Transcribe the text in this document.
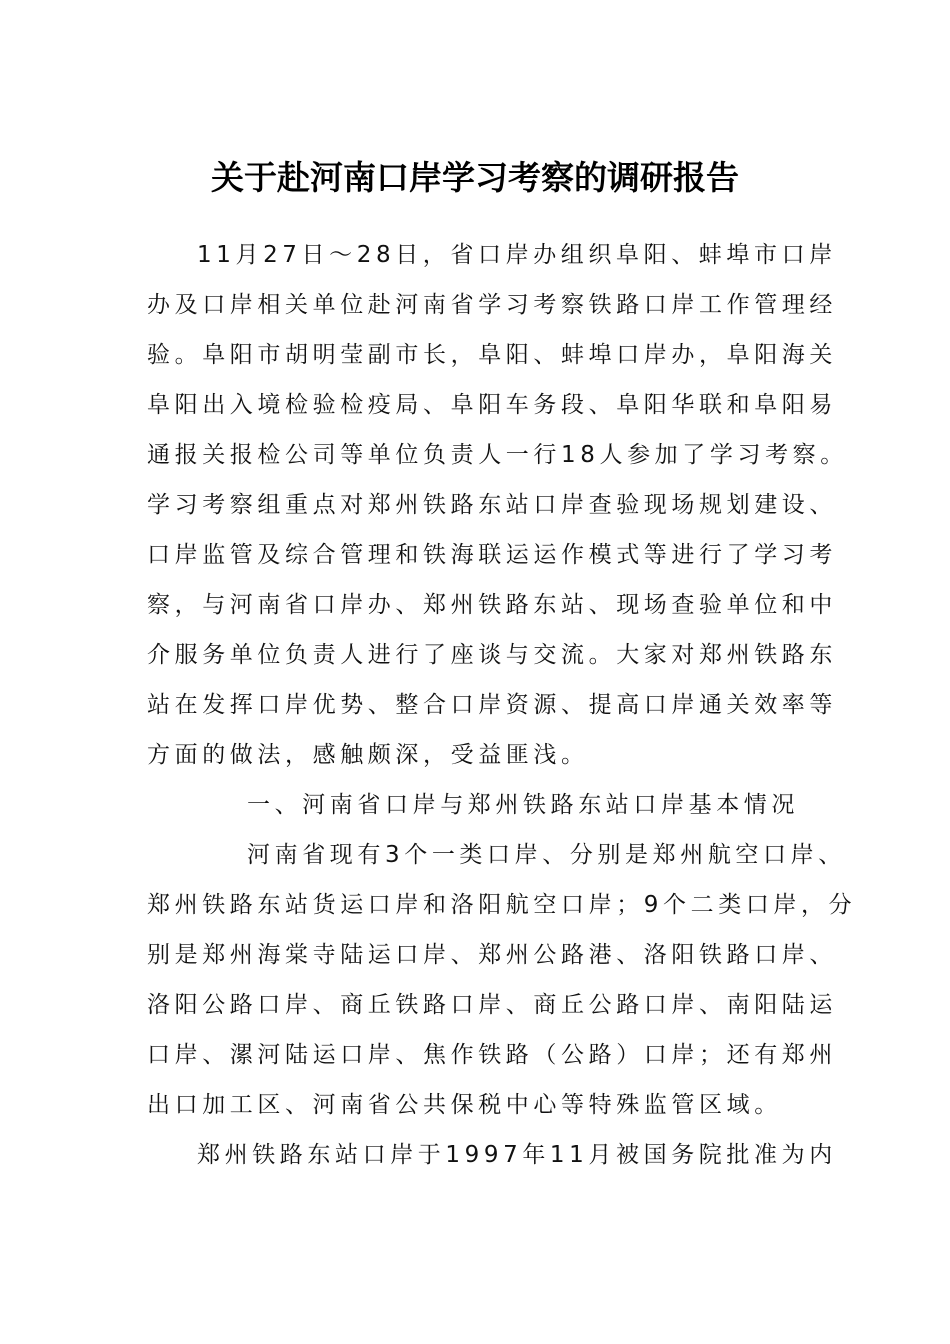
关于赴河南口岸学习考察的调研报告
11月27日～28日，省口岸办组织阜阳、蚌埠市口岸
办及口岸相关单位赴河南省学习考察铁路口岸工作管理经
验。阜阳市胡明莹副市长，阜阳、蚌埠口岸办，阜阳海关
阜阳出入境检验检疫局、阜阳车务段、阜阳华联和阜阳易
通报关报检公司等单位负责人一行18人参加了学习考察。
学习考察组重点对郑州铁路东站口岸查验现场规划建设、
口岸监管及综合管理和铁海联运运作模式等进行了学习考
察，与河南省口岸办、郑州铁路东站、现场查验单位和中
介服务单位负责人进行了座谈与交流。大家对郑州铁路东
站在发挥口岸优势、整合口岸资源、提高口岸通关效率等
方面的做法，感触颇深，受益匪浅。
一、河南省口岸与郑州铁路东站口岸基本情况
河南省现有3个一类口岸、分别是郑州航空口岸、
郑州铁路东站货运口岸和洛阳航空口岸；9个二类口岸，分
别是郑州海棠寺陆运口岸、郑州公路港、洛阳铁路口岸、
洛阳公路口岸、商丘铁路口岸、商丘公路口岸、南阳陆运
口岸、漯河陆运口岸、焦作铁路（公路）口岸；还有郑州
出口加工区、河南省公共保税中心等特殊监管区域。
郑州铁路东站口岸于1997年11月被国务院批准为内
